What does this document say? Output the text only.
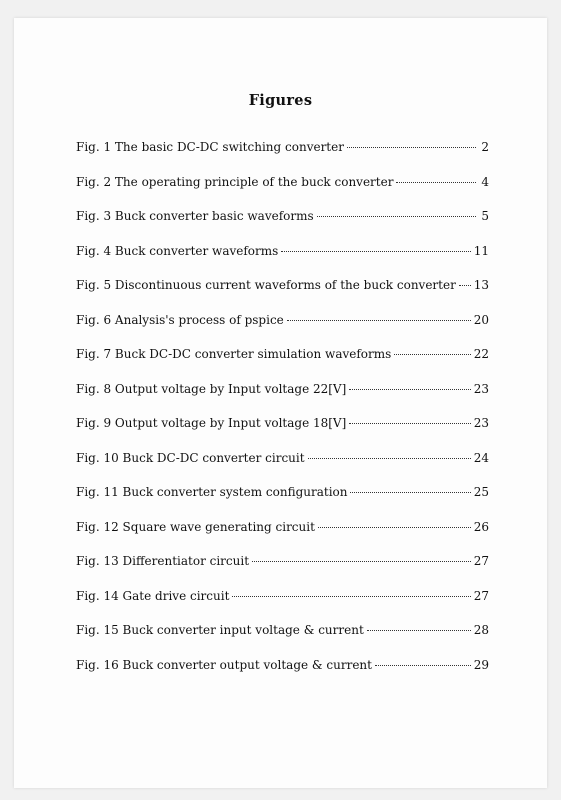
Figures
Fig. 1 The basic DC-DC switching converter	2
Fig. 2 The operating principle of the buck converter	4
Fig. 3 Buck converter basic waveforms	5
Fig. 4 Buck converter waveforms	11
Fig. 5 Discontinuous current waveforms of the buck converter 13
Fig. 6 Analysis's process of pspice	20
Fig. 7 Buck DC-DC converter simulation waveforms	22
Fig. 8 Output voltage by Input voltage 22[V]	23
Fig. 9 Output voltage by Input voltage 18[V]	23
Fig. 10 Buck DC-DC converter circuit	24
Fig. 11 Buck converter system configuration	25
Fig. 12 Square wave generating circuit	26
Fig. 13 Differentiator circuit	27
Fig. 14 Gate drive circuit	27
Fig. 15 Buck converter input voltage & current	28
Fig. 16 Buck converter output voltage & current	29
